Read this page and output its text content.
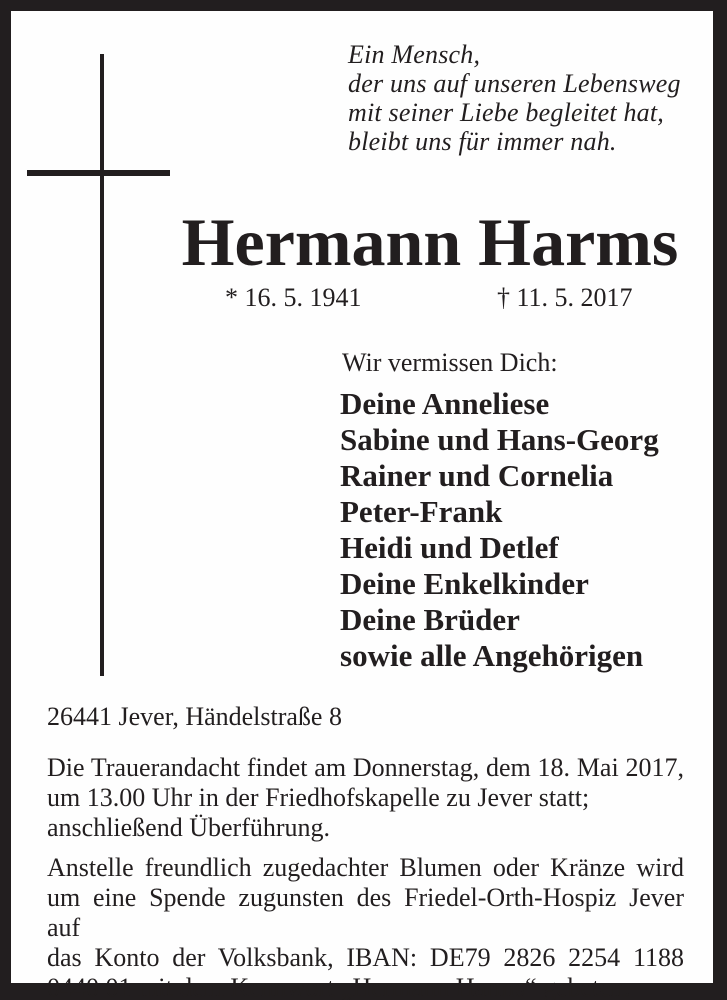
Ein Mensch,
der uns auf unseren Lebensweg
mit seiner Liebe begleitet hat,
bleibt uns für immer nah.
Hermann Harms
* 16. 5. 1941	† 11. 5. 2017
Wir vermissen Dich:
Deine Anneliese
Sabine und Hans-Georg
Rainer und Cornelia
Peter-Frank
Heidi und Detlef
Deine Enkelkinder
Deine Brüder
sowie alle Angehörigen
26441 Jever, Händelstraße 8
Die Trauerandacht findet am Donnerstag, dem 18. Mai 2017,
um 13.00 Uhr in der Friedhofskapelle zu Jever statt;
anschließend Überführung.
Anstelle freundlich zugedachter Blumen oder Kränze wird
um eine Spende zugunsten des Friedel-Orth-Hospiz Jever auf
das Konto der Volksbank, IBAN: DE79 2826 2254 1188
0440 01 mit dem Kennwort „Hermann Harms“ gebeten.
